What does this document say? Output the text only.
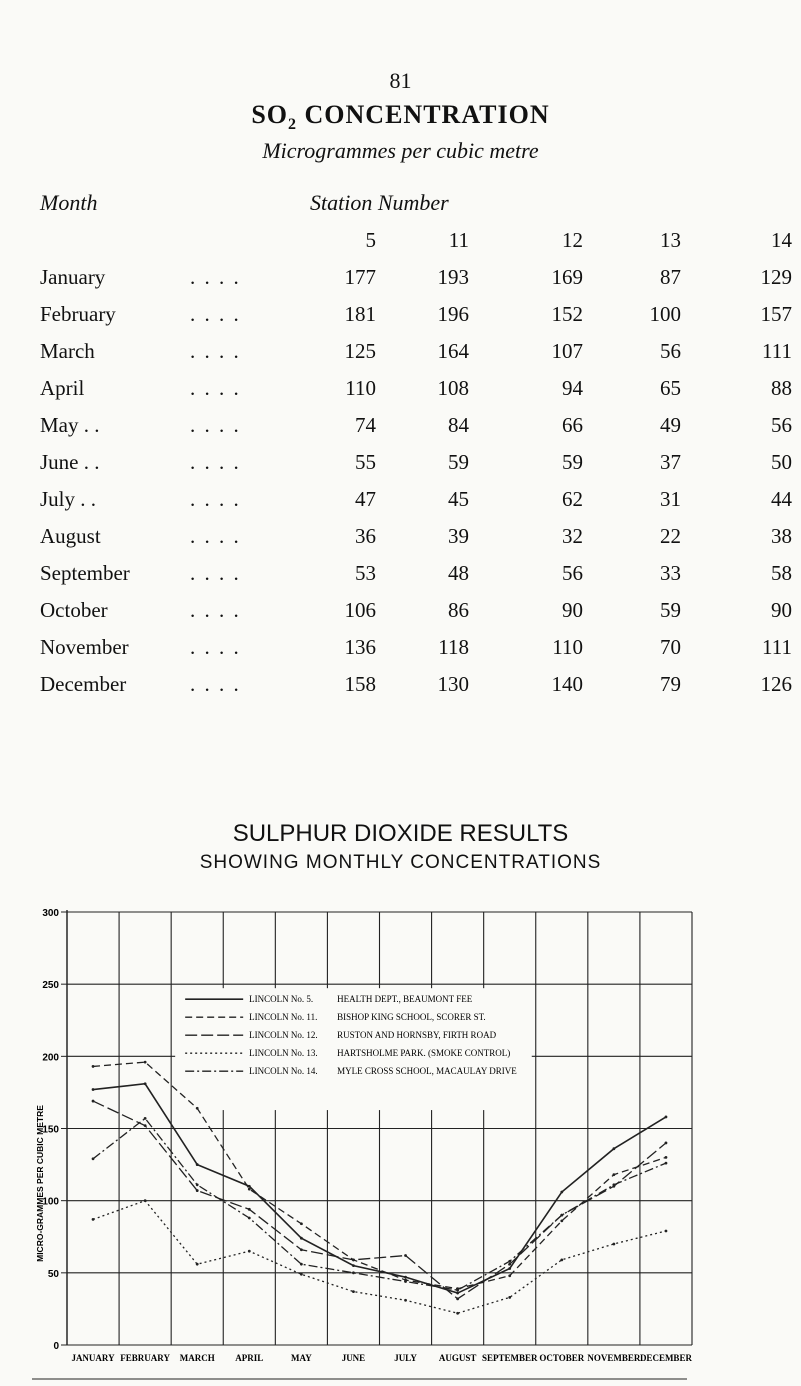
81
$SO_2$ CONCENTRATION
Microgrammes per cubic metre
Month	Station Number
		5	11	12	13	14
January	. . . .	177	193	169	87	129
February	. . . .	181	196	152	100	157
March	. . . .	125	164	107	56	111
April	. . . .	110	108	94	65	88
May . .	. . . .	74	84	66	49	56
June . .	. . . .	55	59	59	37	50
July . .	. . . .	47	45	62	31	44
August	. . . .	36	39	32	22	38
September	. . . .	53	48	56	33	58
October	. . . .	106	86	90	59	90
November	. . . .	136	118	110	70	111
December	. . . .	158	130	140	79	126
SULPHUR DIOXIDE RESULTS
SHOWING MONTHLY CONCENTRATIONS
0
50
100
150
200
250
300
MICRO-GRAMMES PER CUBIC METRE
JANUARY FEBRUARY MARCH APRIL	MAY	JUNE	JULY AUGUST SEPTEMBER OCTOBER NOVEMBER DECEMBER
LINCOLN No. 5.	HEALTH DEPT., BEAUMONT FEE
LINCOLN No. 11. BISHOP KING SCHOOL, SCORER ST.
LINCOLN No. 12. RUSTON AND HORNSBY, FIRTH ROAD
LINCOLN No. 13. HARTSHOLME PARK. (SMOKE CONTROL)
LINCOLN No. 14. MYLE CROSS SCHOOL, MACAULAY DRIVE
